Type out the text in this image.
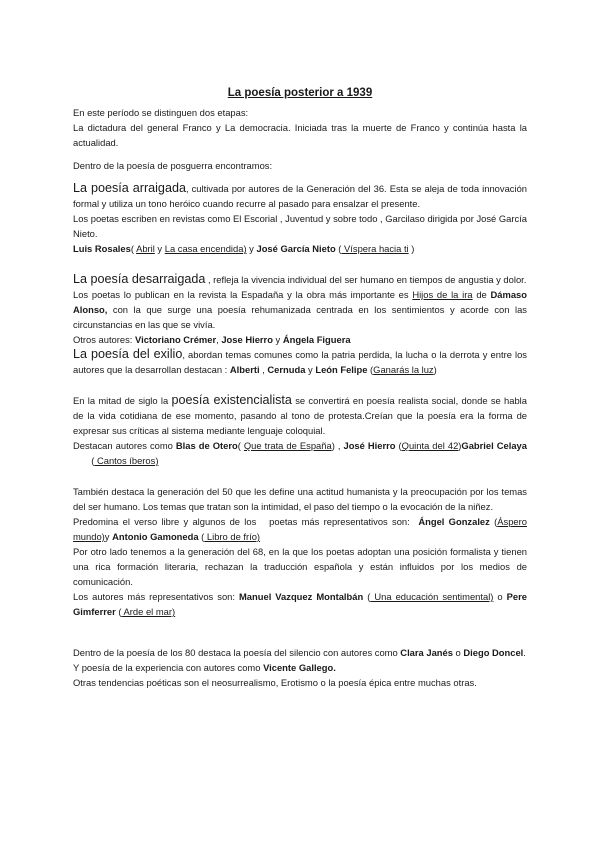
La poesía posterior a 1939

En este período se distinguen dos etapas:

La dictadura del general Franco y La democracia. Iniciada tras la muerte de Franco y continúa hasta la actualidad.

Dentro de la poesía de posguerra encontramos:

La poesía arraigada, cultivada por autores de la Generación del 36. Esta se aleja de toda innovación formal y utiliza un tono heróico cuando recurre al pasado para ensalzar el presente.

Los poetas escriben en revistas como El Escorial , Juventud y sobre todo , Garcilaso dirigida por José García Nieto.

Luis Rosales( Abril y La casa encendida) y José García Nieto ( Víspera hacia ti )

La poesía desarraigada , refleja la vivencia individual del ser humano en tiempos de angustia y dolor.

Los poetas lo publican en la revista la Espadaña y la obra más importante es Hijos de la ira de Dámaso Alonso, con la que surge una poesía rehumanizada centrada en los sentimientos y acorde con las circunstancias en las que se vivía.

Otros autores: Victoriano Crémer, Jose Hierro y Ángela Figuera

La poesía del exilio, abordan temas comunes como la patria perdida, la lucha o la derrota y entre los autores que la desarrollan destacan : Alberti , Cernuda y León Felipe (Ganarás la luz)

En la mitad de siglo la poesía existencialista se convertirá en poesía realista social, donde se habla de la vida cotidiana de ese momento, pasando al tono de protesta.Creían que la poesía era la forma de expresar sus críticas al sistema mediante lenguaje coloquial.

Destacan autores como Blas de Otero( Que trata de España) , José Hierro (Quinta del 42)Gabriel Celaya       ( Cantos íberos)

También destaca la generación del 50 que les define una actitud humanista y la preocupación por los temas del ser humano. Los temas que tratan son la intimidad, el paso del tiempo o la evocación de la niñez.

Predomina el verso libre y algunos de los   poetas más representativos son:  Ángel Gonzalez (Áspero mundo)y Antonio Gamoneda ( Libro de frío)

Por otro lado tenemos a la generación del 68, en la que los poetas adoptan una posición formalista y tienen una rica formación literaria, rechazan la traducción española y están influidos por los medios de comunicación.

Los autores más representativos son: Manuel Vazquez Montalbán ( Una educación sentimental) o Pere Gimferrer ( Arde el mar)

Dentro de la poesía de los 80 destaca la poesía del silencio con autores como Clara Janés o Diego Doncel.

Y poesía de la experiencia con autores como Vicente Gallego.

Otras tendencias poéticas son el neosurrealismo, Erotismo o la poesía épica entre muchas otras.
